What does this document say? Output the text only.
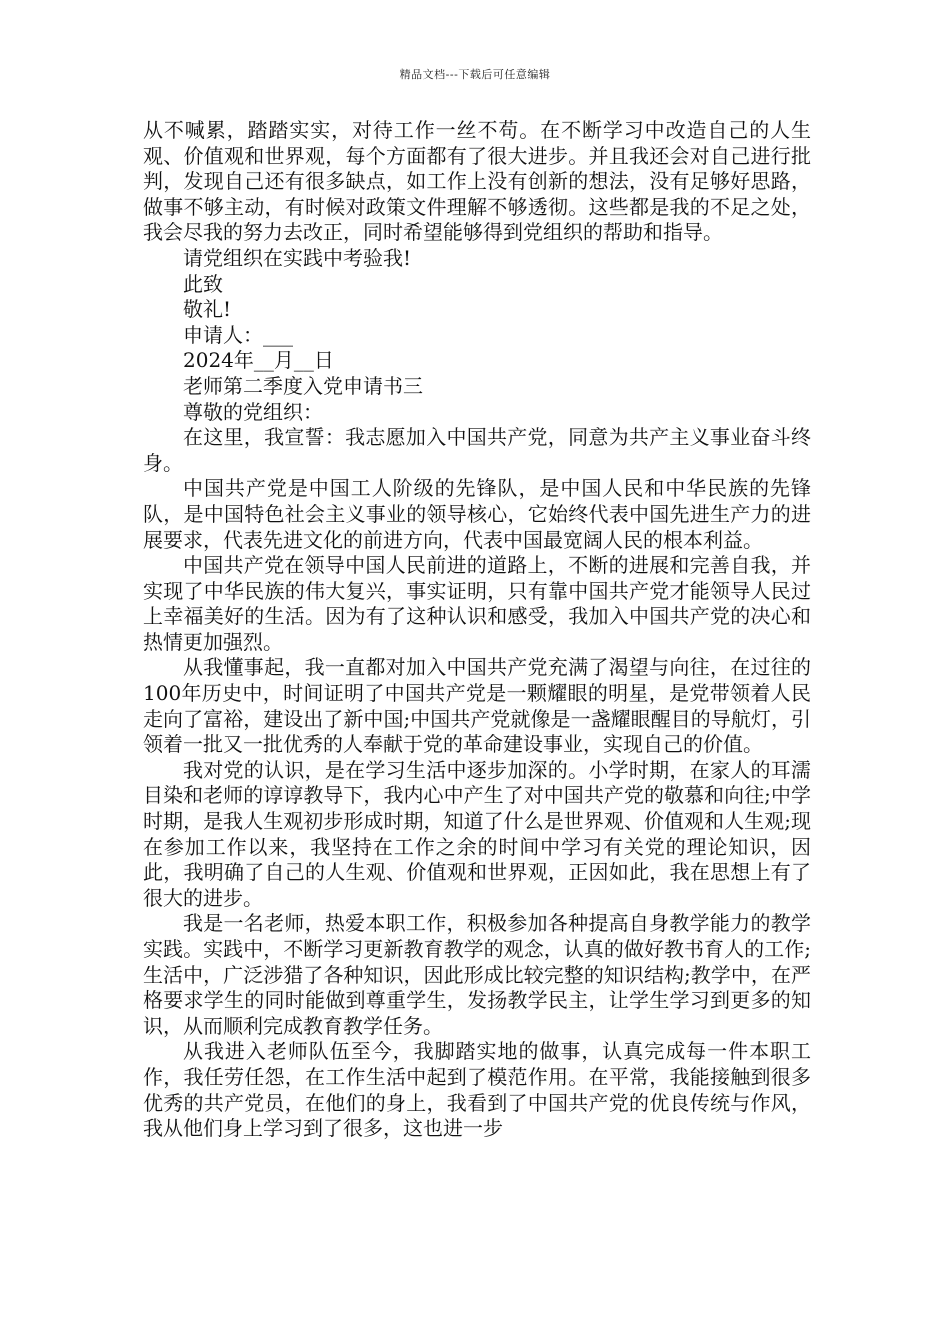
精品文档---下载后可任意编辑

从不喊累，踏踏实实，对待工作一丝不苟。在不断学习中改造自己的人生观、价值观和世界观，每个方面都有了很大进步。并且我还会对自己进行批判，发现自己还有很多缺点，如工作上没有创新的想法，没有足够好思路，做事不够主动，有时候对政策文件理解不够透彻。这些都是我的不足之处，我会尽我的努力去改正，同时希望能够得到党组织的帮助和指导。

请党组织在实践中考验我!

此致

敬礼!

申请人：___

2024年__月__日

老师第二季度入党申请书三

尊敬的党组织：

在这里，我宣誓：我志愿加入中国共产党，同意为共产主义事业奋斗终身。

中国共产党是中国工人阶级的先锋队，是中国人民和中华民族的先锋队，是中国特色社会主义事业的领导核心，它始终代表中国先进生产力的进展要求，代表先进文化的前进方向，代表中国最宽阔人民的根本利益。

中国共产党在领导中国人民前进的道路上，不断的进展和完善自我，并实现了中华民族的伟大复兴，事实证明，只有靠中国共产党才能领导人民过上幸福美好的生活。因为有了这种认识和感受，我加入中国共产党的决心和热情更加强烈。

从我懂事起，我一直都对加入中国共产党充满了渴望与向往，在过往的100年历史中，时间证明了中国共产党是一颗耀眼的明星，是党带领着人民走向了富裕，建设出了新中国;中国共产党就像是一盏耀眼醒目的导航灯，引领着一批又一批优秀的人奉献于党的革命建设事业，实现自己的价值。

我对党的认识，是在学习生活中逐步加深的。小学时期，在家人的耳濡目染和老师的谆谆教导下，我内心中产生了对中国共产党的敬慕和向往;中学时期，是我人生观初步形成时期，知道了什么是世界观、价值观和人生观;现在参加工作以来，我坚持在工作之余的时间中学习有关党的理论知识，因此，我明确了自己的人生观、价值观和世界观，正因如此，我在思想上有了很大的进步。

我是一名老师，热爱本职工作，积极参加各种提高自身教学能力的教学实践。实践中，不断学习更新教育教学的观念，认真的做好教书育人的工作;生活中，广泛涉猎了各种知识，因此形成比较完整的知识结构;教学中，在严格要求学生的同时能做到尊重学生，发扬教学民主，让学生学习到更多的知识，从而顺利完成教育教学任务。

从我进入老师队伍至今，我脚踏实地的做事，认真完成每一件本职工作，我任劳任怨，在工作生活中起到了模范作用。在平常，我能接触到很多优秀的共产党员，在他们的身上，我看到了中国共产党的优良传统与作风，我从他们身上学习到了很多，这也进一步
